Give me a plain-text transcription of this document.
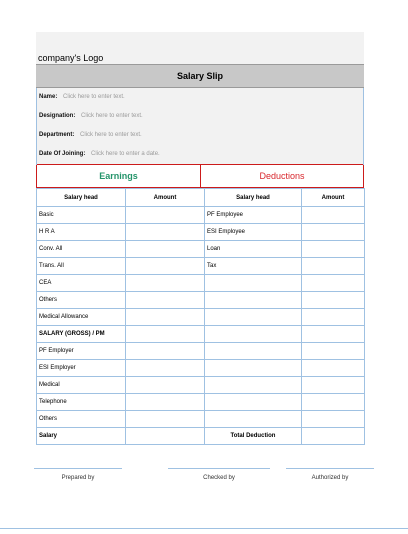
company's Logo
Salary Slip
Name: Click here to enter text.
Designation: Click here to enter text.
Department: Click here to enter text.
Date Of Joining: Click here to enter a date.
Earnings	Deductions
Salary head	Amount	Salary head	Amount
Basic		PF Employee	
H R A		ESI Employee	
Conv. All		Loan	
Trans. All		Tax	
CEA			
Others			
Medical Allowance			
SALARY (GROSS) / PM			
PF Employer			
ESI Employer			
Medical			
Telephone			
Others			
Salary		Total Deduction	
Prepared by	Checked by	Authorized by
